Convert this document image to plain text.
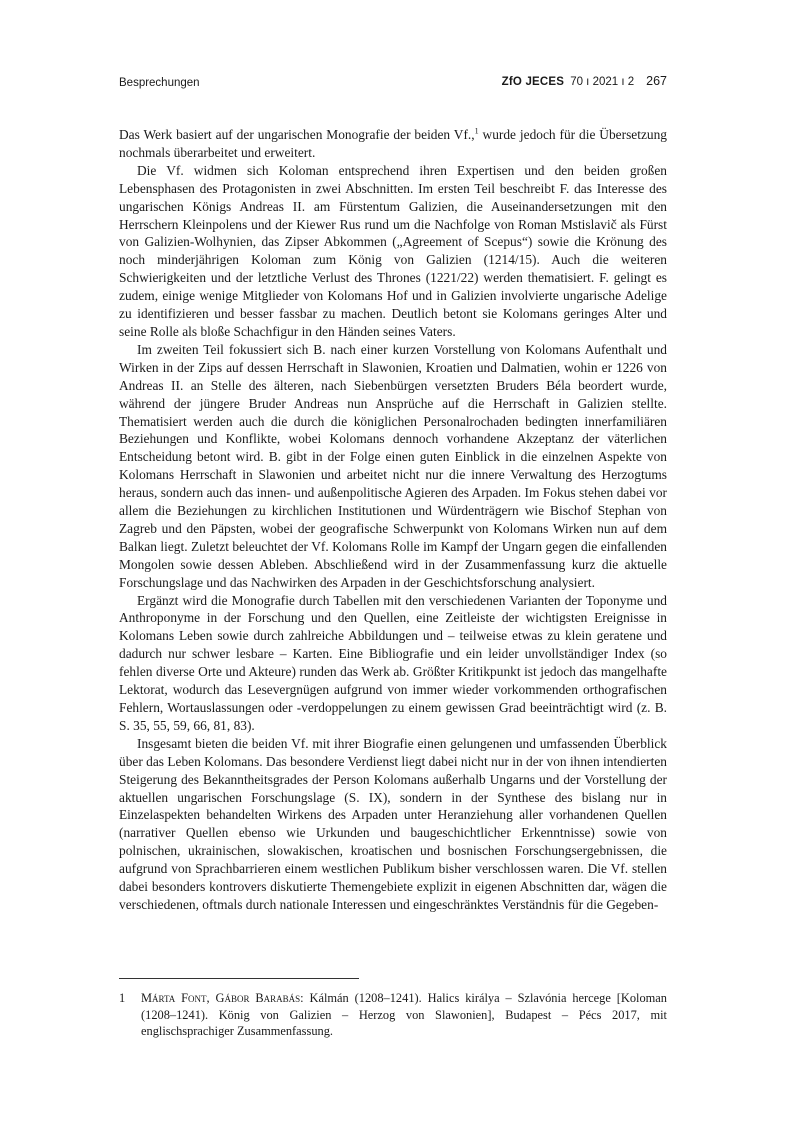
Besprechungen	ZfO JECES 70 ı 2021 ı 2 267

Das Werk basiert auf der ungarischen Monografie der beiden Vf.,$^1$ wurde jedoch für die Übersetzung nochmals überarbeitet und erweitert.

Die Vf. widmen sich Koloman entsprechend ihren Expertisen und den beiden großen Lebensphasen des Protagonisten in zwei Abschnitten. Im ersten Teil beschreibt F. das Interesse des ungarischen Königs Andreas II. am Fürstentum Galizien, die Auseinandersetzungen mit den Herrschern Kleinpolens und der Kiewer Rus rund um die Nachfolge von Roman Mstislavič als Fürst von Galizien-Wolhynien, das Zipser Abkommen („Agreement of Scepus“) sowie die Krönung des noch minderjährigen Koloman zum König von Galizien (1214/15). Auch die weiteren Schwierigkeiten und der letztliche Verlust des Thrones (1221/22) werden thematisiert. F. gelingt es zudem, einige wenige Mitglieder von Kolomans Hof und in Galizien involvierte ungarische Adelige zu identifizieren und besser fassbar zu machen. Deutlich betont sie Kolomans geringes Alter und seine Rolle als bloße Schachfigur in den Händen seines Vaters.

Im zweiten Teil fokussiert sich B. nach einer kurzen Vorstellung von Kolomans Aufenthalt und Wirken in der Zips auf dessen Herrschaft in Slawonien, Kroatien und Dalmatien, wohin er 1226 von Andreas II. an Stelle des älteren, nach Siebenbürgen versetzten Bruders Béla beordert wurde, während der jüngere Bruder Andreas nun Ansprüche auf die Herrschaft in Galizien stellte. Thematisiert werden auch die durch die königlichen Personalrochaden bedingten innerfamiliären Beziehungen und Konflikte, wobei Kolomans dennoch vorhandene Akzeptanz der väterlichen Entscheidung betont wird. B. gibt in der Folge einen guten Einblick in die einzelnen Aspekte von Kolomans Herrschaft in Slawonien und arbeitet nicht nur die innere Verwaltung des Herzogtums heraus, sondern auch das innen- und außenpolitische Agieren des Arpaden. Im Fokus stehen dabei vor allem die Beziehungen zu kirchlichen Institutionen und Würdenträgern wie Bischof Stephan von Zagreb und den Päpsten, wobei der geografische Schwerpunkt von Kolomans Wirken nun auf dem Balkan liegt. Zuletzt beleuchtet der Vf. Kolomans Rolle im Kampf der Ungarn gegen die einfallenden Mongolen sowie dessen Ableben. Abschließend wird in der Zusammenfassung kurz die aktuelle Forschungslage und das Nachwirken des Arpaden in der Geschichtsforschung analysiert.

Ergänzt wird die Monografie durch Tabellen mit den verschiedenen Varianten der Toponyme und Anthroponyme in der Forschung und den Quellen, eine Zeitleiste der wichtigsten Ereignisse in Kolomans Leben sowie durch zahlreiche Abbildungen und – teilweise etwas zu klein geratene und dadurch nur schwer lesbare – Karten. Eine Bibliografie und ein leider unvollständiger Index (so fehlen diverse Orte und Akteure) runden das Werk ab. Größter Kritikpunkt ist jedoch das mangelhafte Lektorat, wodurch das Lesevergnügen aufgrund von immer wieder vorkommenden orthografischen Fehlern, Wortauslassungen oder -verdoppelungen zu einem gewissen Grad beeinträchtigt wird (z. B. S. 35, 55, 59, 66, 81, 83).

Insgesamt bieten die beiden Vf. mit ihrer Biografie einen gelungenen und umfassenden Überblick über das Leben Kolomans. Das besondere Verdienst liegt dabei nicht nur in der von ihnen intendierten Steigerung des Bekanntheitsgrades der Person Kolomans außerhalb Ungarns und der Vorstellung der aktuellen ungarischen Forschungslage (S. IX), sondern in der Synthese des bislang nur in Einzelaspekten behandelten Wirkens des Arpaden unter Heranziehung aller vorhandenen Quellen (narrativer Quellen ebenso wie Urkunden und baugeschichtlicher Erkenntnisse) sowie von polnischen, ukrainischen, slowakischen, kroatischen und bosnischen Forschungsergebnissen, die aufgrund von Sprachbarrieren einem westlichen Publikum bisher verschlossen waren. Die Vf. stellen dabei besonders kontrovers diskutierte Themengebiete explizit in eigenen Abschnitten dar, wägen die verschiedenen, oftmals durch nationale Interessen und eingeschränktes Verständnis für die Gegeben-

1 Márta Font, Gábor Barabás: Kálmán (1208–1241). Halics királya – Szlavónia hercege [Koloman (1208–1241). König von Galizien – Herzog von Slawonien], Budapest – Pécs 2017, mit englischsprachiger Zusammenfassung.
